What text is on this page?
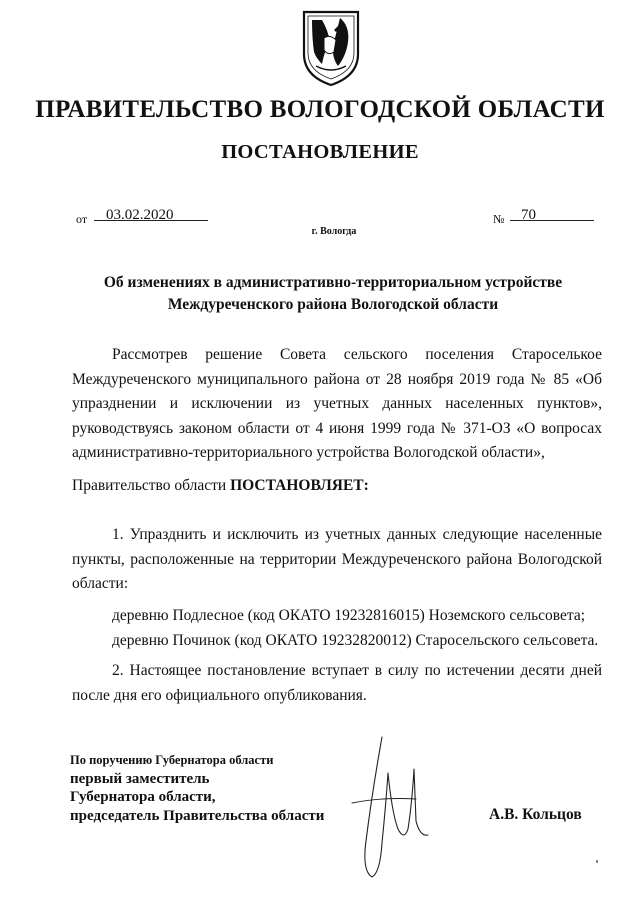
ПРАВИТЕЛЬСТВО ВОЛОГОДСКОЙ ОБЛАСТИ
ПОСТАНОВЛЕНИЕ
от 03.02.2020	№ 70
г. Вологда
Об изменениях в административно-территориальном устройстве
Междуреченского района Вологодской области

Рассмотрев решение Совета сельского поселения Староселькое Междуреченского муниципального района от 28 ноября 2019 года № 85 «Об упразднении и исключении из учетных данных населенных пунктов», руководствуясь законом области от 4 июня 1999 года № 371-ОЗ «О вопросах административно-территориального устройства Вологодской области»,

Правительство области ПОСТАНОВЛЯЕТ:

1. Упразднить и исключить из учетных данных следующие населенные пункты, расположенные на территории Междуреченского района Вологодской области:

деревню Подлесное (код ОКАТО 19232816015) Ноземского сельсовета;

деревню Починок (код ОКАТО 19232820012) Старосельского сельсовета.

2. Настоящее постановление вступает в силу по истечении десяти дней после дня его официального опубликования.

По поручению Губернатора области
первый заместитель
Губернатора области,
председатель Правительства области	А.В. Кольцов
